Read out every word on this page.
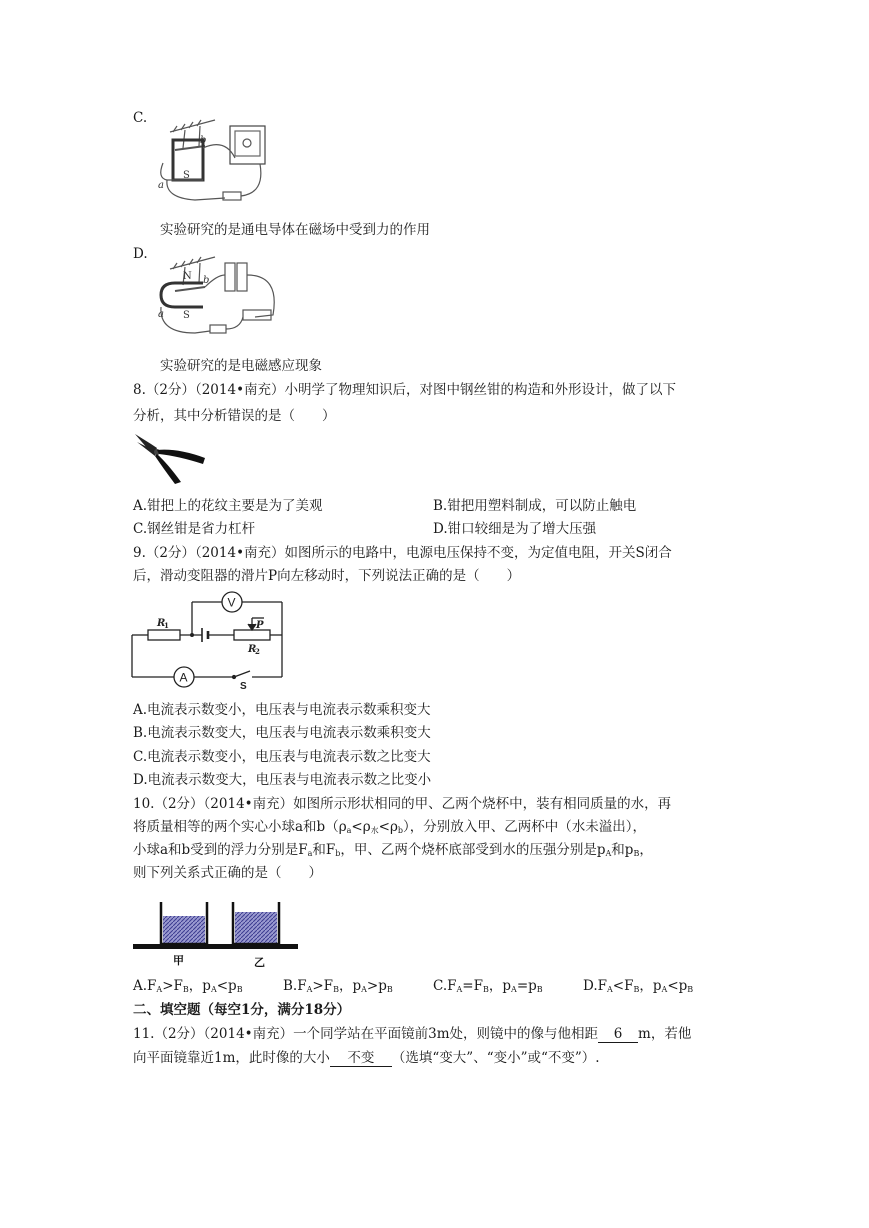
C.
a
b
S
实验研究的是通电导体在磁场中受到力的作用
D.
N
S
a
b
实验研究的是电磁感应现象
8.（2分）（2014•南充）小明学了物理知识后，对图中钢丝钳的构造和外形设计，做了以下
分析，其中分析错误的是（　　）
A.钳把上的花纹主要是为了美观	B.钳把用塑料制成，可以防止触电
C.钢丝钳是省力杠杆	D.钳口较细是为了增大压强
9.（2分）（2014•南充）如图所示的电路中，电源电压保持不变，为定值电阻，开关S闭合
后，滑动变阻器的滑片P向左移动时，下列说法正确的是（　　）
V
A
R
1
R
2
P
S
A.电流表示数变小，电压表与电流表示数乘积变大
B.电流表示数变大，电压表与电流表示数乘积变大
C.电流表示数变小，电压表与电流表示数之比变大
D.电流表示数变大，电压表与电流表示数之比变小
10.（2分）（2014•南充）如图所示形状相同的甲、乙两个烧杯中，装有相同质量的水，再
将质量相等的两个实心小球a和$b(\rho_a<\rho_水<\rho_b)$，分别放入甲、乙两杯中（水未溢出），
小球a和b受到的浮力分别是$F_a$和$F_b$，甲、乙两个烧杯底部受到水的压强分别是$p_A$和$p_B$，
则下列关系式正确的是（　　）
甲	乙
$A.F_A>F_B$，$p_A<p_B$	$B.F_A>F_B$，$p_A>p_B$	$C.F_A=F_B$，$p_A=p_B$	$D.F_A<F_B$，$p_A<p_B$
二、填空题（每空1分，满分18分）
11.（2分）（2014•南充）一个同学站在平面镜前3m处，则镜中的像与他相距 6 m，若他
向平面镜靠近1m，此时像的大小 不变 （选填“变大”、“变小”或“不变”）.
